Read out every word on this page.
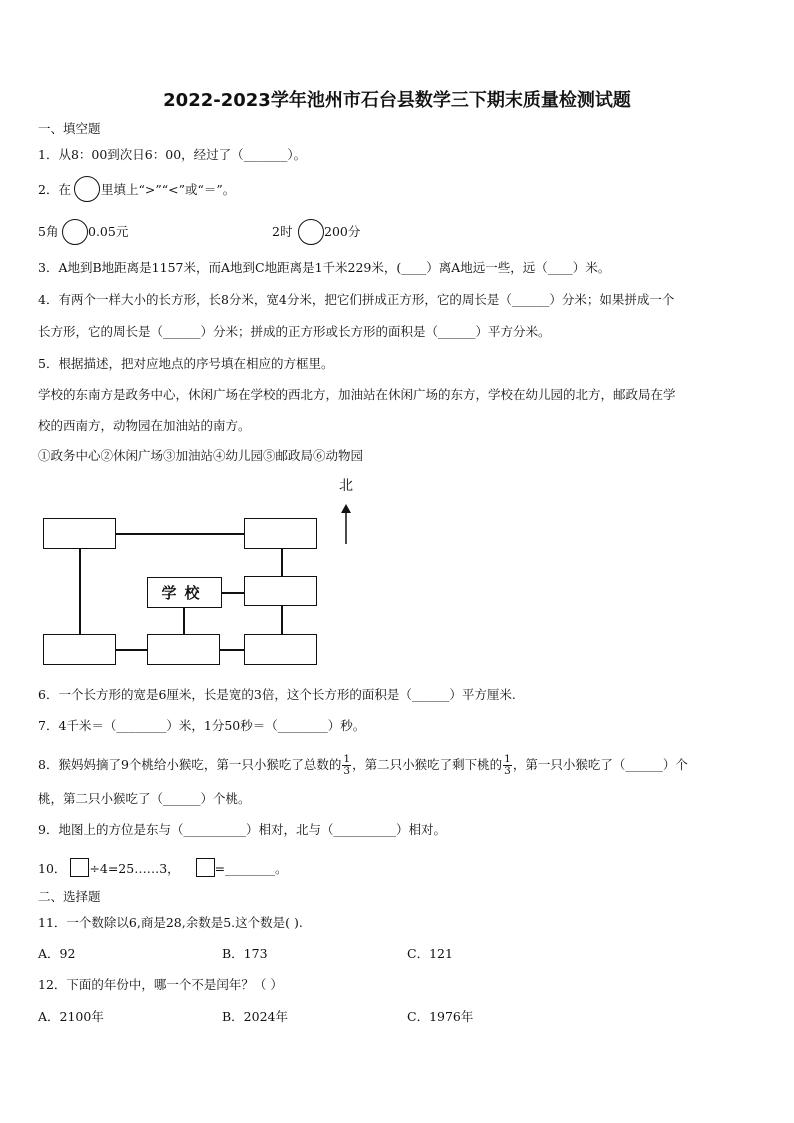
2022-2023学年池州市石台县数学三下期末质量检测试题
一、填空题
1．从8：00到次日6：00，经过了（_______）。
2．在 里填上“>”“<”或“＝”。
5角 0.05元	2时	200分
3．A地到B地距离是1157米，而A地到C地距离是1千米229米，(____）离A地远一些，远（____）米。
4．有两个一样大小的长方形，长8分米，宽4分米，把它们拼成正方形，它的周长是（______）分米；如果拼成一个
长方形，它的周长是（______）分米；拼成的正方形或长方形的面积是（______）平方分米。
5．根据描述，把对应地点的序号填在相应的方框里。
学校的东南方是政务中心，休闲广场在学校的西北方，加油站在休闲广场的东方，学校在幼儿园的北方，邮政局在学
校的西南方，动物园在加油站的南方。
①政务中心②休闲广场③加油站④幼儿园⑤邮政局⑥动物园
学校
北
6．一个长方形的宽是6厘米，长是宽的3倍，这个长方形的面积是（______）平方厘米.
7．4千米＝（________）米，1分50秒＝（________）秒。
8．猴妈妈摘了9个桃给小猴吃，第一只小猴吃了总数的 $\frac{1}{3}$ ，第二只小猴吃了剩下桃的 $\frac{1}{3}$ ，第一只小猴吃了（______）个
桃，第二只小猴吃了（______）个桃。
9．地图上的方位是东与（__________）相对，北与（__________）相对。
10． ÷4=25……3，	=________。
二、选择题
11．一个数除以6,商是28,余数是5.这个数是( ).
A．92	B．173	C．121
12．下面的年份中，哪一个不是闰年？（ ）
A．2100年	B．2024年	C．1976年
